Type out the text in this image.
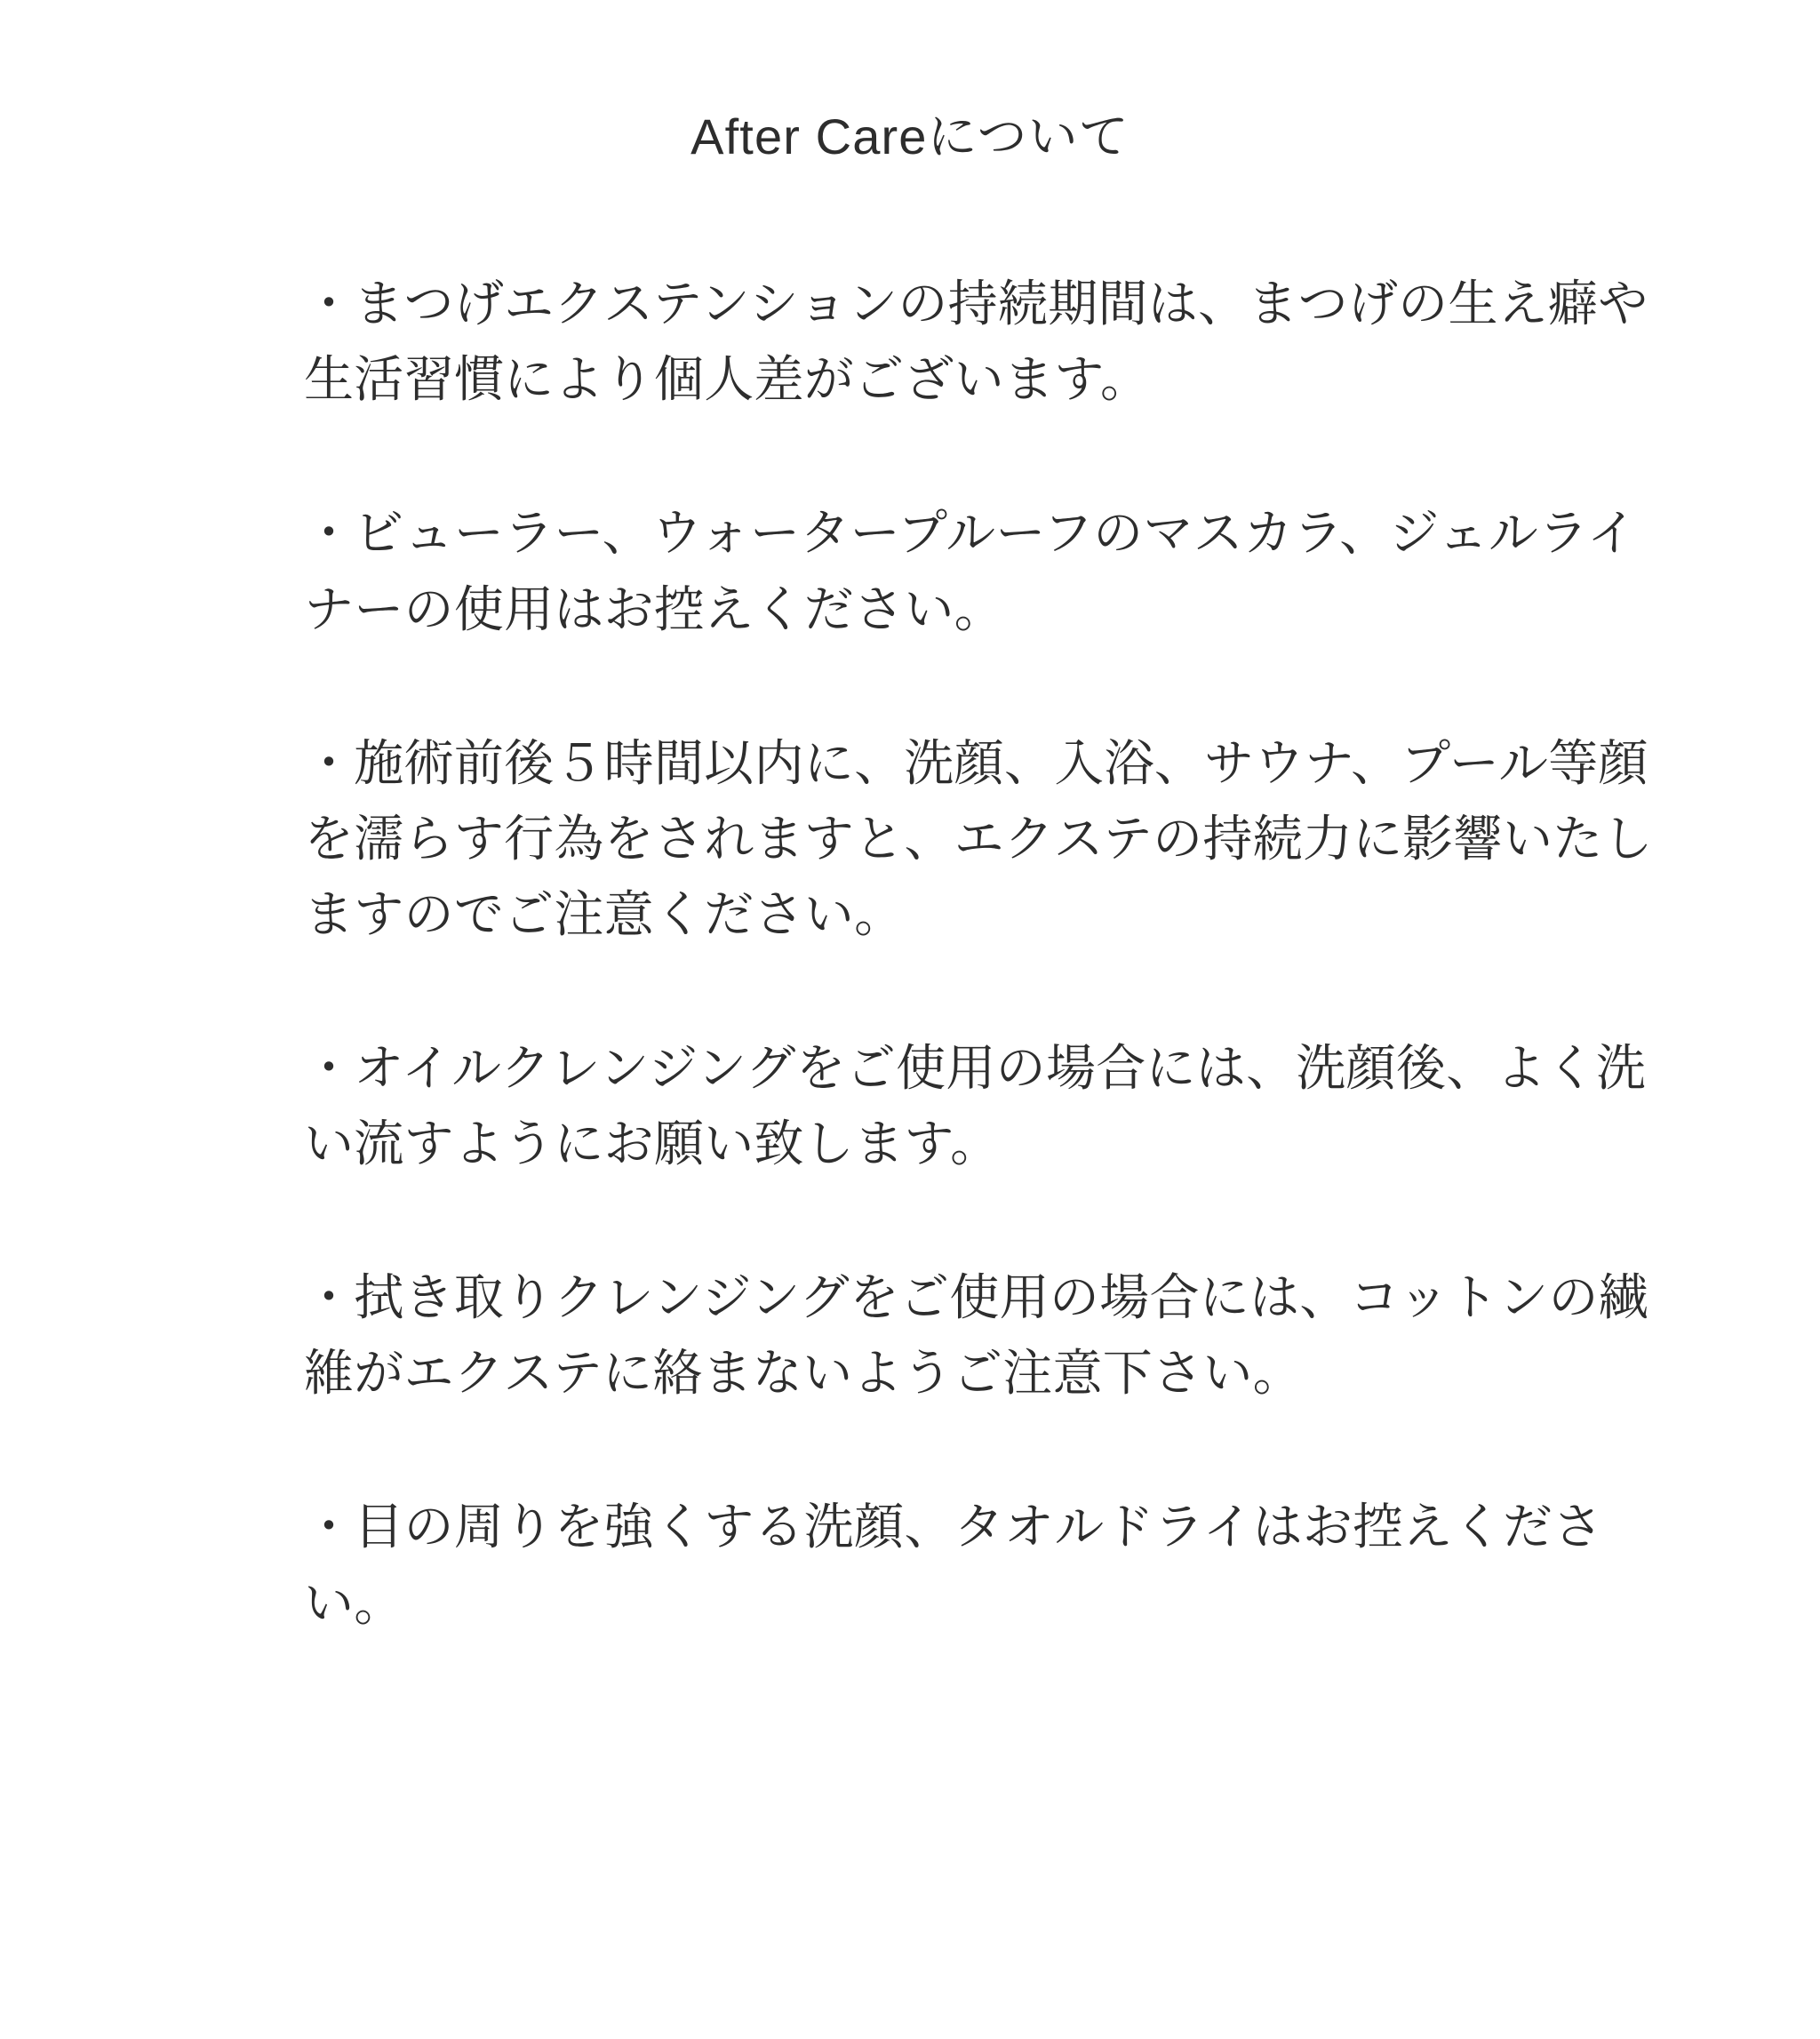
After Careについて

・まつげエクステンションの持続期間は、まつげの生え癖や生活習慣により個人差がございます。

・ビューラー、ウォータープルーフのマスカラ、ジェルライナーの使用はお控えください。

・施術前後５時間以内に、洗顔、入浴、サウナ、プール等顔を濡らす行為をされますと、エクステの持続力に影響いたしますのでご注意ください。

・オイルクレンジングをご使用の場合には、洗顔後、よく洗い流すようにお願い致します。

・拭き取りクレンジングをご使用の場合には、コットンの繊維がエクステに絡まないようご注意下さい。

・目の周りを強くする洗顔、タオルドライはお控えください。
